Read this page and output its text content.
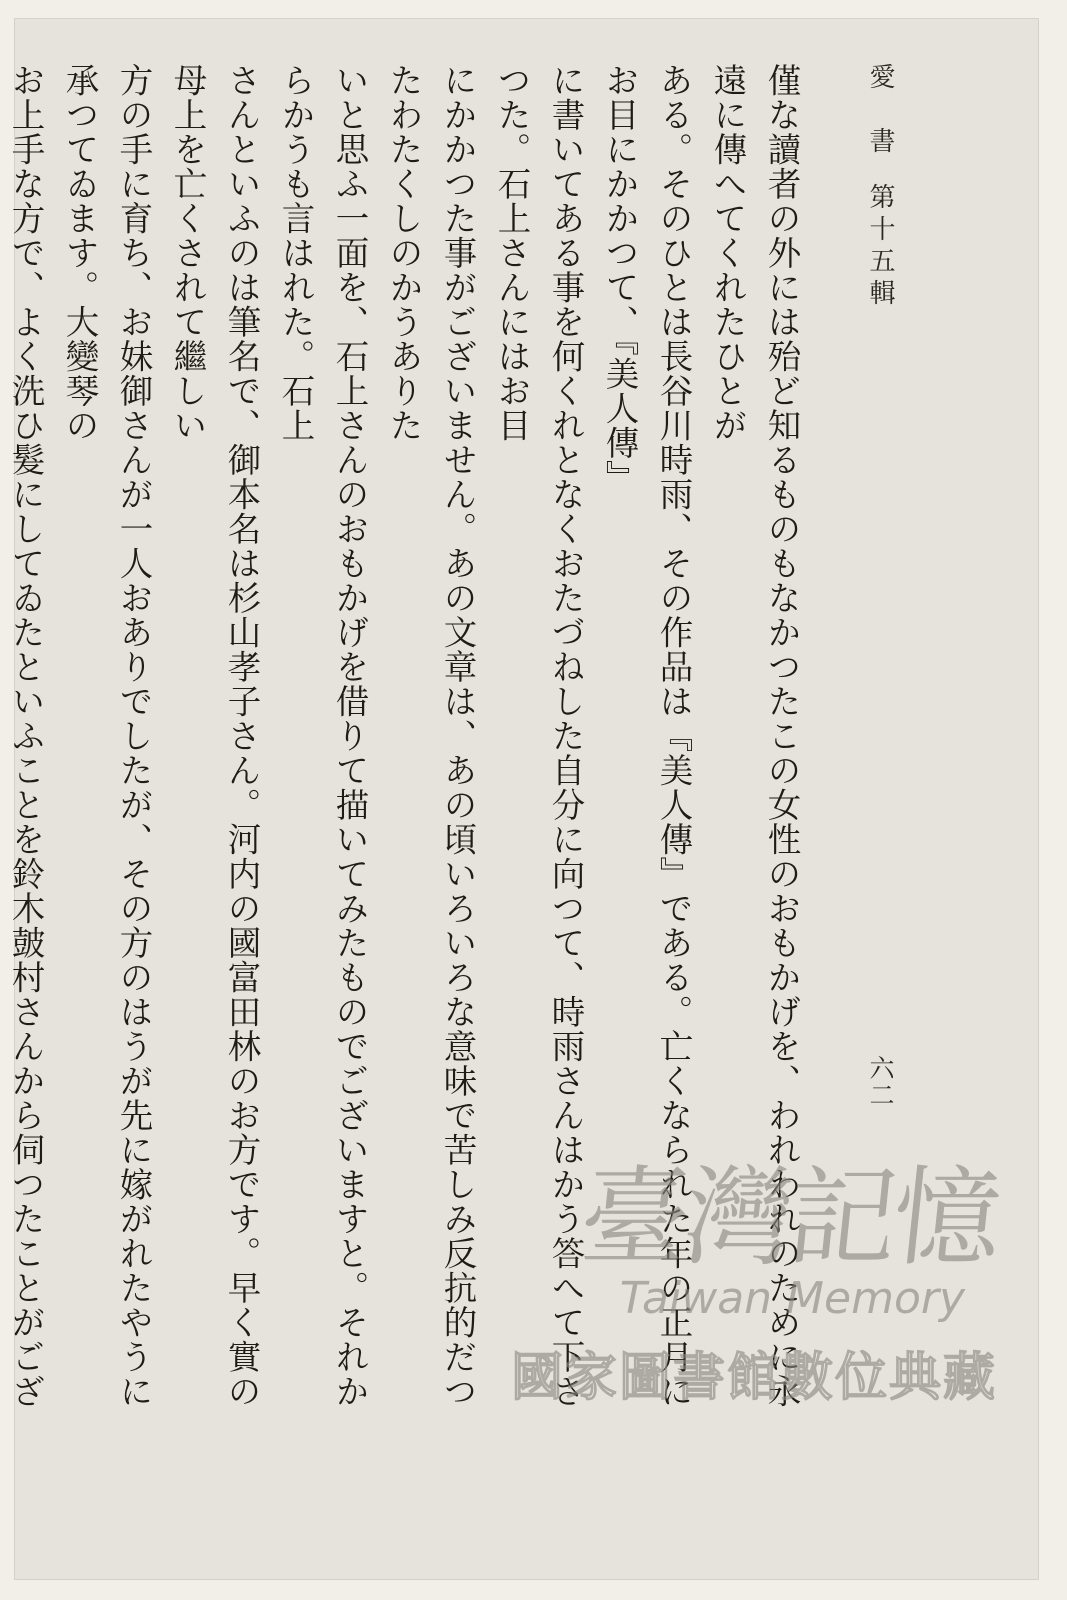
愛　書第十五輯
六二

僅な讀者の外には殆ど知るものもなかつたこの女性のおもかげを、われわれのために永遠に傳へてくれたひとが

ある。そのひとは長谷川時雨、その作品は『美人傳』である。亡くなられた年の正月にお目にかかつて、『美人傳』

に書いてある事を何くれとなくおたづねした自分に向つて、時雨さんはかう答へて下さつた。石上さんにはお目

にかかつた事がございません。あの文章は、あの頃いろいろな意味で苦しみ反抗的だつたわたくしのかうありた

いと思ふ一面を、石上さんのおもかげを借りて描いてみたものでございますと。それからかうも言はれた。石上

さんといふのは筆名で、御本名は杉山孝子さん。河内の國富田林のお方です。早く實の母上を亡くされて繼しい

方の手に育ち、お妹御さんが一人おありでしたが、その方のはうが先に嫁がれたやうに承つてゐます。大變琴の

お上手な方で、よく洗ひ髮にしてゐたといふことを鈴木皷村さんから伺つたことがござ

臺灣記憶
Taiwan Memory
